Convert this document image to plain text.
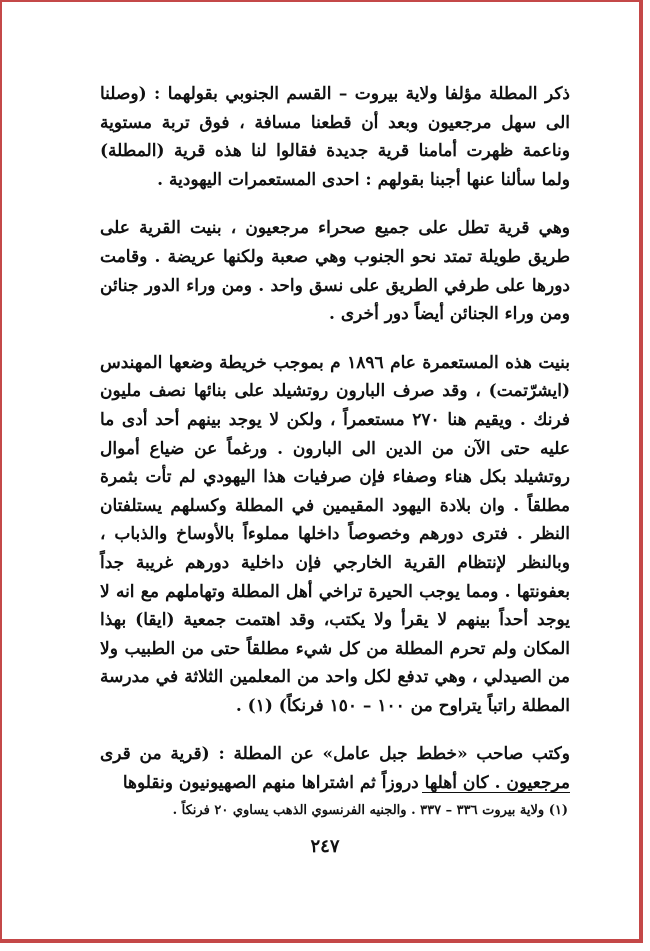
ذكر المطلة مؤلفا ولاية بيروت – القسم الجنوبي بقولهما : (وصلنا الى سهل مرجعيون وبعد أن قطعنا مسافة ، فوق تربة مستوية وناعمة ظهرت أمامنا قرية جديدة فقالوا لنا هذه قرية (المطلة) ولما سألنا عنها أجبنا بقولهم : احدى المستعمرات اليهودية .

وهي قرية تطل على جميع صحراء مرجعيون ، بنيت القرية على طريق طويلة تمتد نحو الجنوب وهي صعبة ولكنها عريضة . وقامت دورها على طرفي الطريق على نسق واحد . ومن وراء الدور جنائن ومن وراء الجنائن أيضاً دور أخرى .

بنيت هذه المستعمرة عام ١٨٩٦ م بموجب خريطة وضعها المهندس (ايشرّتمت) ، وقد صرف البارون روتشيلد على بنائها نصف مليون فرنك . ويقيم هنا ٢٧٠ مستعمراً ، ولكن لا يوجد بينهم أحد أدى ما عليه حتى الآن من الدين الى البارون . ورغماً عن ضياع أموال روتشيلد بكل هناء وصفاء فإن صرفيات هذا اليهودي لم تأت بثمرة مطلقاً . وان بلادة اليهود المقيمين في المطلة وكسلهم يستلفتان النظر . فترى دورهم وخصوصاً داخلها مملوءاً بالأوساخ والذباب ، وبالنظر لإنتظام القرية الخارجي فإن داخلية دورهم غريبة جداً بعفونتها . ومما يوجب الحيرة تراخي أهل المطلة وتهاملهم مع انه لا يوجد أحداً بينهم لا يقرأ ولا يكتب، وقد اهتمت جمعية (ايقا) بهذا المكان ولم تحرم المطلة من كل شيء مطلقاً حتى من الطبيب ولا من الصيدلي ، وهي تدفع لكل واحد من المعلمين الثلاثة في مدرسة المطلة راتباً يتراوح من ١٠٠ – ١٥٠ فرنكاً) (١) .

وكتب صاحب «خطط جبل عامل» عن المطلة : (قرية من قرى مرجعيون . كان أهلها دروزاً ثم اشتراها منهم الصهيونيون ونقلوها

(١) ولاية بيروت ٣٣٦ – ٣٣٧ . والجنيه الفرنسوي الذهب يساوي ٢٠ فرنكاً .
٢٤٧
